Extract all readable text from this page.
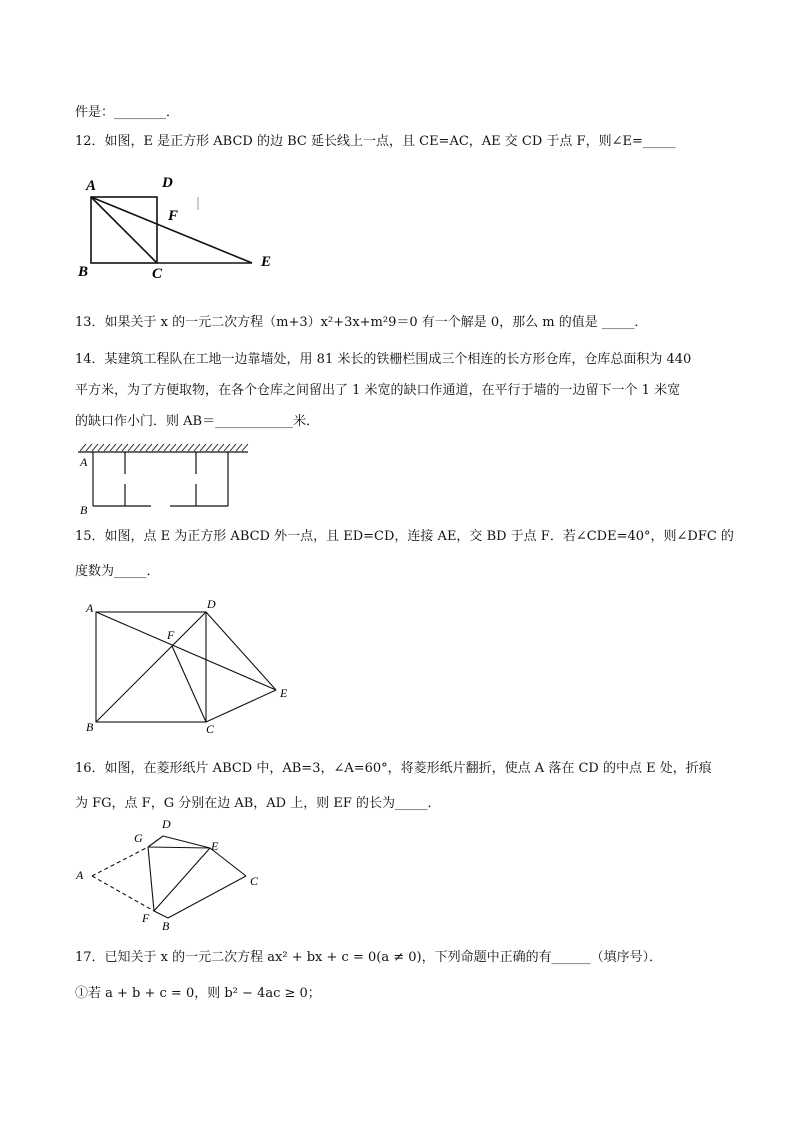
件是：________．
12．如图，E 是正方形 ABCD 的边 BC 延长线上一点，且 CE=AC，AE 交 CD 于点 F，则∠E=_____
A	D
F
B	C
E
13．如果关于 x 的一元二次方程（m+3）x²+3x+m²9＝0 有一个解是 0，那么 m 的值是 _____．
14．某建筑工程队在工地一边靠墙处，用 81 米长的铁栅栏围成三个相连的长方形仓库，仓库总面积为 440
平方米，为了方便取物，在各个仓库之间留出了 1 米宽的缺口作通道，在平行于墙的一边留下一个 1 米宽
的缺口作小门．则 AB＝____________米．
A
B
15．如图，点 E 为正方形 ABCD 外一点，且 ED=CD，连接 AE，交 BD 于点 F．若∠CDE=40°，则∠DFC 的
度数为_____．
A	D
F
E
B	C
16．如图，在菱形纸片 ABCD 中，AB=3，∠A=60°，将菱形纸片翻折，使点 A 落在 CD 的中点 E 处，折痕
为 FG，点 F，G 分别在边 AB，AD 上，则 EF 的长为_____．
D
G
E
A	C
F
B
17．已知关于 x 的一元二次方程 ax² + bx + c = 0(a ≠ 0)，下列命题中正确的有______（填序号）．
①若 a + b + c = 0，则 b² − 4ac ≥ 0；
